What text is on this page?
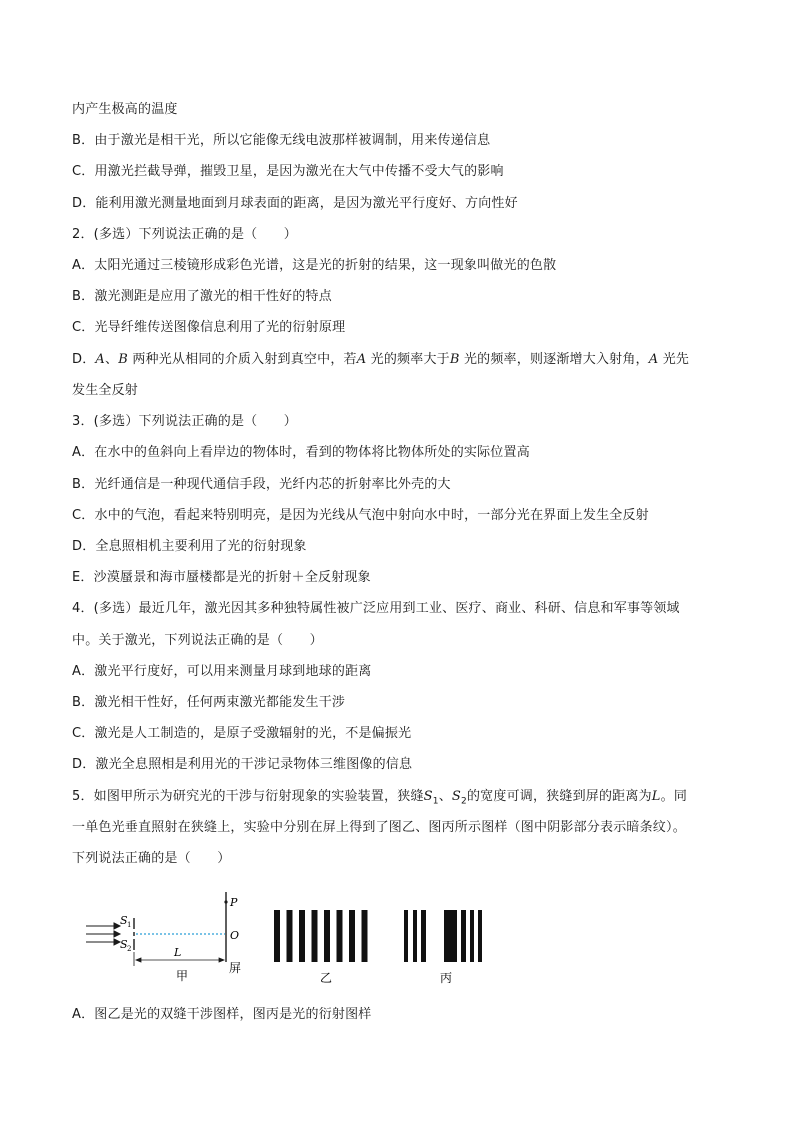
内产生极高的温度
B．由于激光是相干光，所以它能像无线电波那样被调制，用来传递信息
C．用激光拦截导弹，摧毁卫星，是因为激光在大气中传播不受大气的影响
D．能利用激光测量地面到月球表面的距离，是因为激光平行度好、方向性好
2．(多选）下列说法正确的是（　　）
A．太阳光通过三棱镜形成彩色光谱，这是光的折射的结果，这一现象叫做光的色散
B．激光测距是应用了激光的相干性好的特点
C．光导纤维传送图像信息利用了光的衍射原理
D．A、B 两种光从相同的介质入射到真空中，若A 光的频率大于B 光的频率，则逐渐增大入射角，A 光先
发生全反射
3．(多选）下列说法正确的是（　　）
A．在水中的鱼斜向上看岸边的物体时，看到的物体将比物体所处的实际位置高
B．光纤通信是一种现代通信手段，光纤内芯的折射率比外壳的大
C．水中的气泡，看起来特别明亮，是因为光线从气泡中射向水中时，一部分光在界面上发生全反射
D．全息照相机主要利用了光的衍射现象
E．沙漠蜃景和海市蜃楼都是光的折射＋全反射现象
4．(多选）最近几年，激光因其多种独特属性被广泛应用到工业、医疗、商业、科研、信息和军事等领域
中。关于激光，下列说法正确的是（　　）
A．激光平行度好，可以用来测量月球到地球的距离
B．激光相干性好，任何两束激光都能发生干涉
C．激光是人工制造的，是原子受激辐射的光，不是偏振光
D．激光全息照相是利用光的干涉记录物体三维图像的信息
5．如图甲所示为研究光的干涉与衍射现象的实验装置，狭缝$S_1$、$S_2$的宽度可调，狭缝到屏的距离为L。同
一单色光垂直照射在狭缝上，实验中分别在屏上得到了图乙、图丙所示图样（图中阴影部分表示暗条纹）。
下列说法正确的是（　　）
S 1
S 2
P
O
L
甲
屏
乙	丙
A．图乙是光的双缝干涉图样，图丙是光的衍射图样
